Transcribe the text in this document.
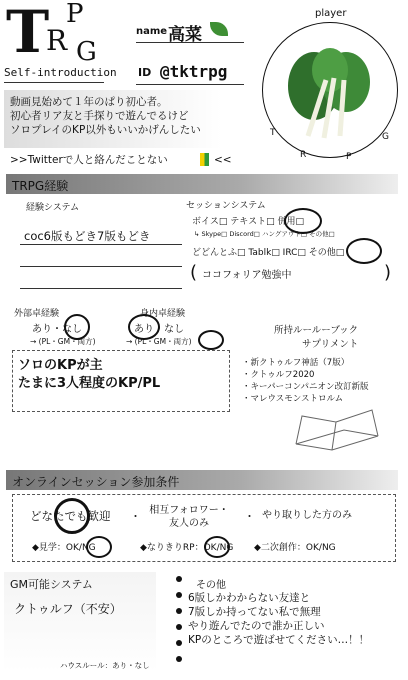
T
R
P
G
Self-introduction
name 高菜
ID @tktrpg
player
T
R	P
G
動画見始めて１年のぱり初心者。
初心者リア友と手探りで遊んでるけど
ソロプレイのKP以外もいいかげんしたい
>>Twitterで人と絡んだことない	<<
TRPG経験
経験システム
coc6版もどき7版もどき
セッションシステム
ボイス□ テキスト□ 併用□
↳ Skype□ Discord□ ハングアウト□ その他□
どどんとふ□ Tablk□ IRC□ その他□
(	)
ココフォリア勉強中
外部卓経験
あり・なし
→ (PL・GM・両方)
身内卓経験
あり・なし
→ (PL・GM・両方)
ソロのKPが主
たまに3人程度のKP/PL
所持ルールーブック
サプリメント
・新クトゥルフ神話（7版）
・クトゥルフ2020
・キーパーコンパニオン改訂新版
・マレウスモンストロルム
オンラインセッション参加条件
どなたでも歓迎 ・ 相互フォロワー・友人のみ
・ やり取りした方のみ
◆見学：OK/NG	◆なりきりRP：OK/NG ◆二次創作：OK/NG
GM可能システム
クトゥルフ（不安）
ハウスルール：あり・なし
その他
6版しかわからない友達と
7版しか持ってない私で無理
やり遊んでたので誰か正しい
KPのところで遊ばせてください…！！
